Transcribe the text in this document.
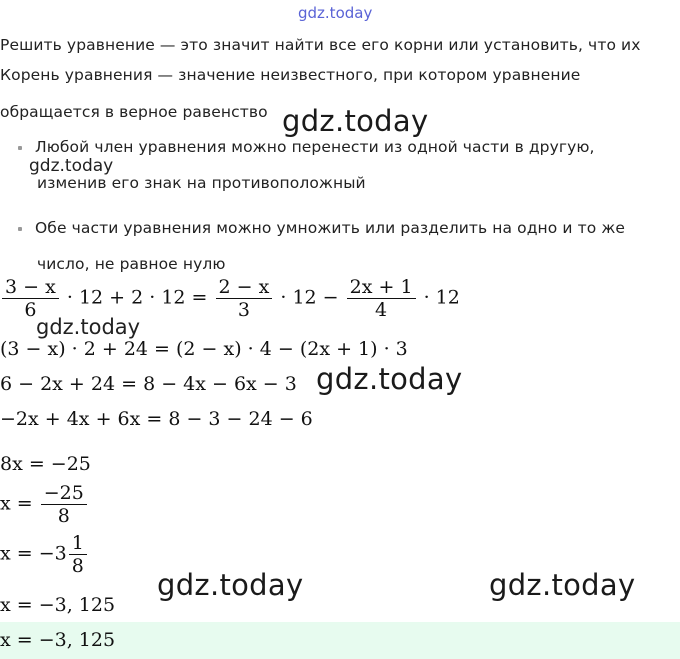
gdz.today
Решить уравнение — это значит найти все его корни или установить, что их
Корень уравнения — значение неизвестного, при котором уравнение
обращается в верное равенство gdz.today
Любой член уравнения можно перенести из одной части в другую,
gdz.today
изменив его знак на противоположный
Обе части уравнения можно умножить или разделить на одно и то же
число, не равное нулю
$\frac{3 - x}{6} \cdot 12 + 2 \cdot 12 = \frac{2 - x}{3} \cdot 12 - \frac{2x + 1}{4} \cdot 12$
gdz.today
(3 − x) · 2 + 24 = (2 − x) · 4 − (2x + 1) · 3
6 − 2x + 24 = 8 − 4x − 6x − 3 gdz.today
−2x + 4x + 6x = 8 − 3 − 24 − 6
8x = −25
$x = \frac{-25}{8}$
$x = -3 \frac{1}{8}$
gdz.today	gdz.today
x = −3, 125
x = −3, 125
